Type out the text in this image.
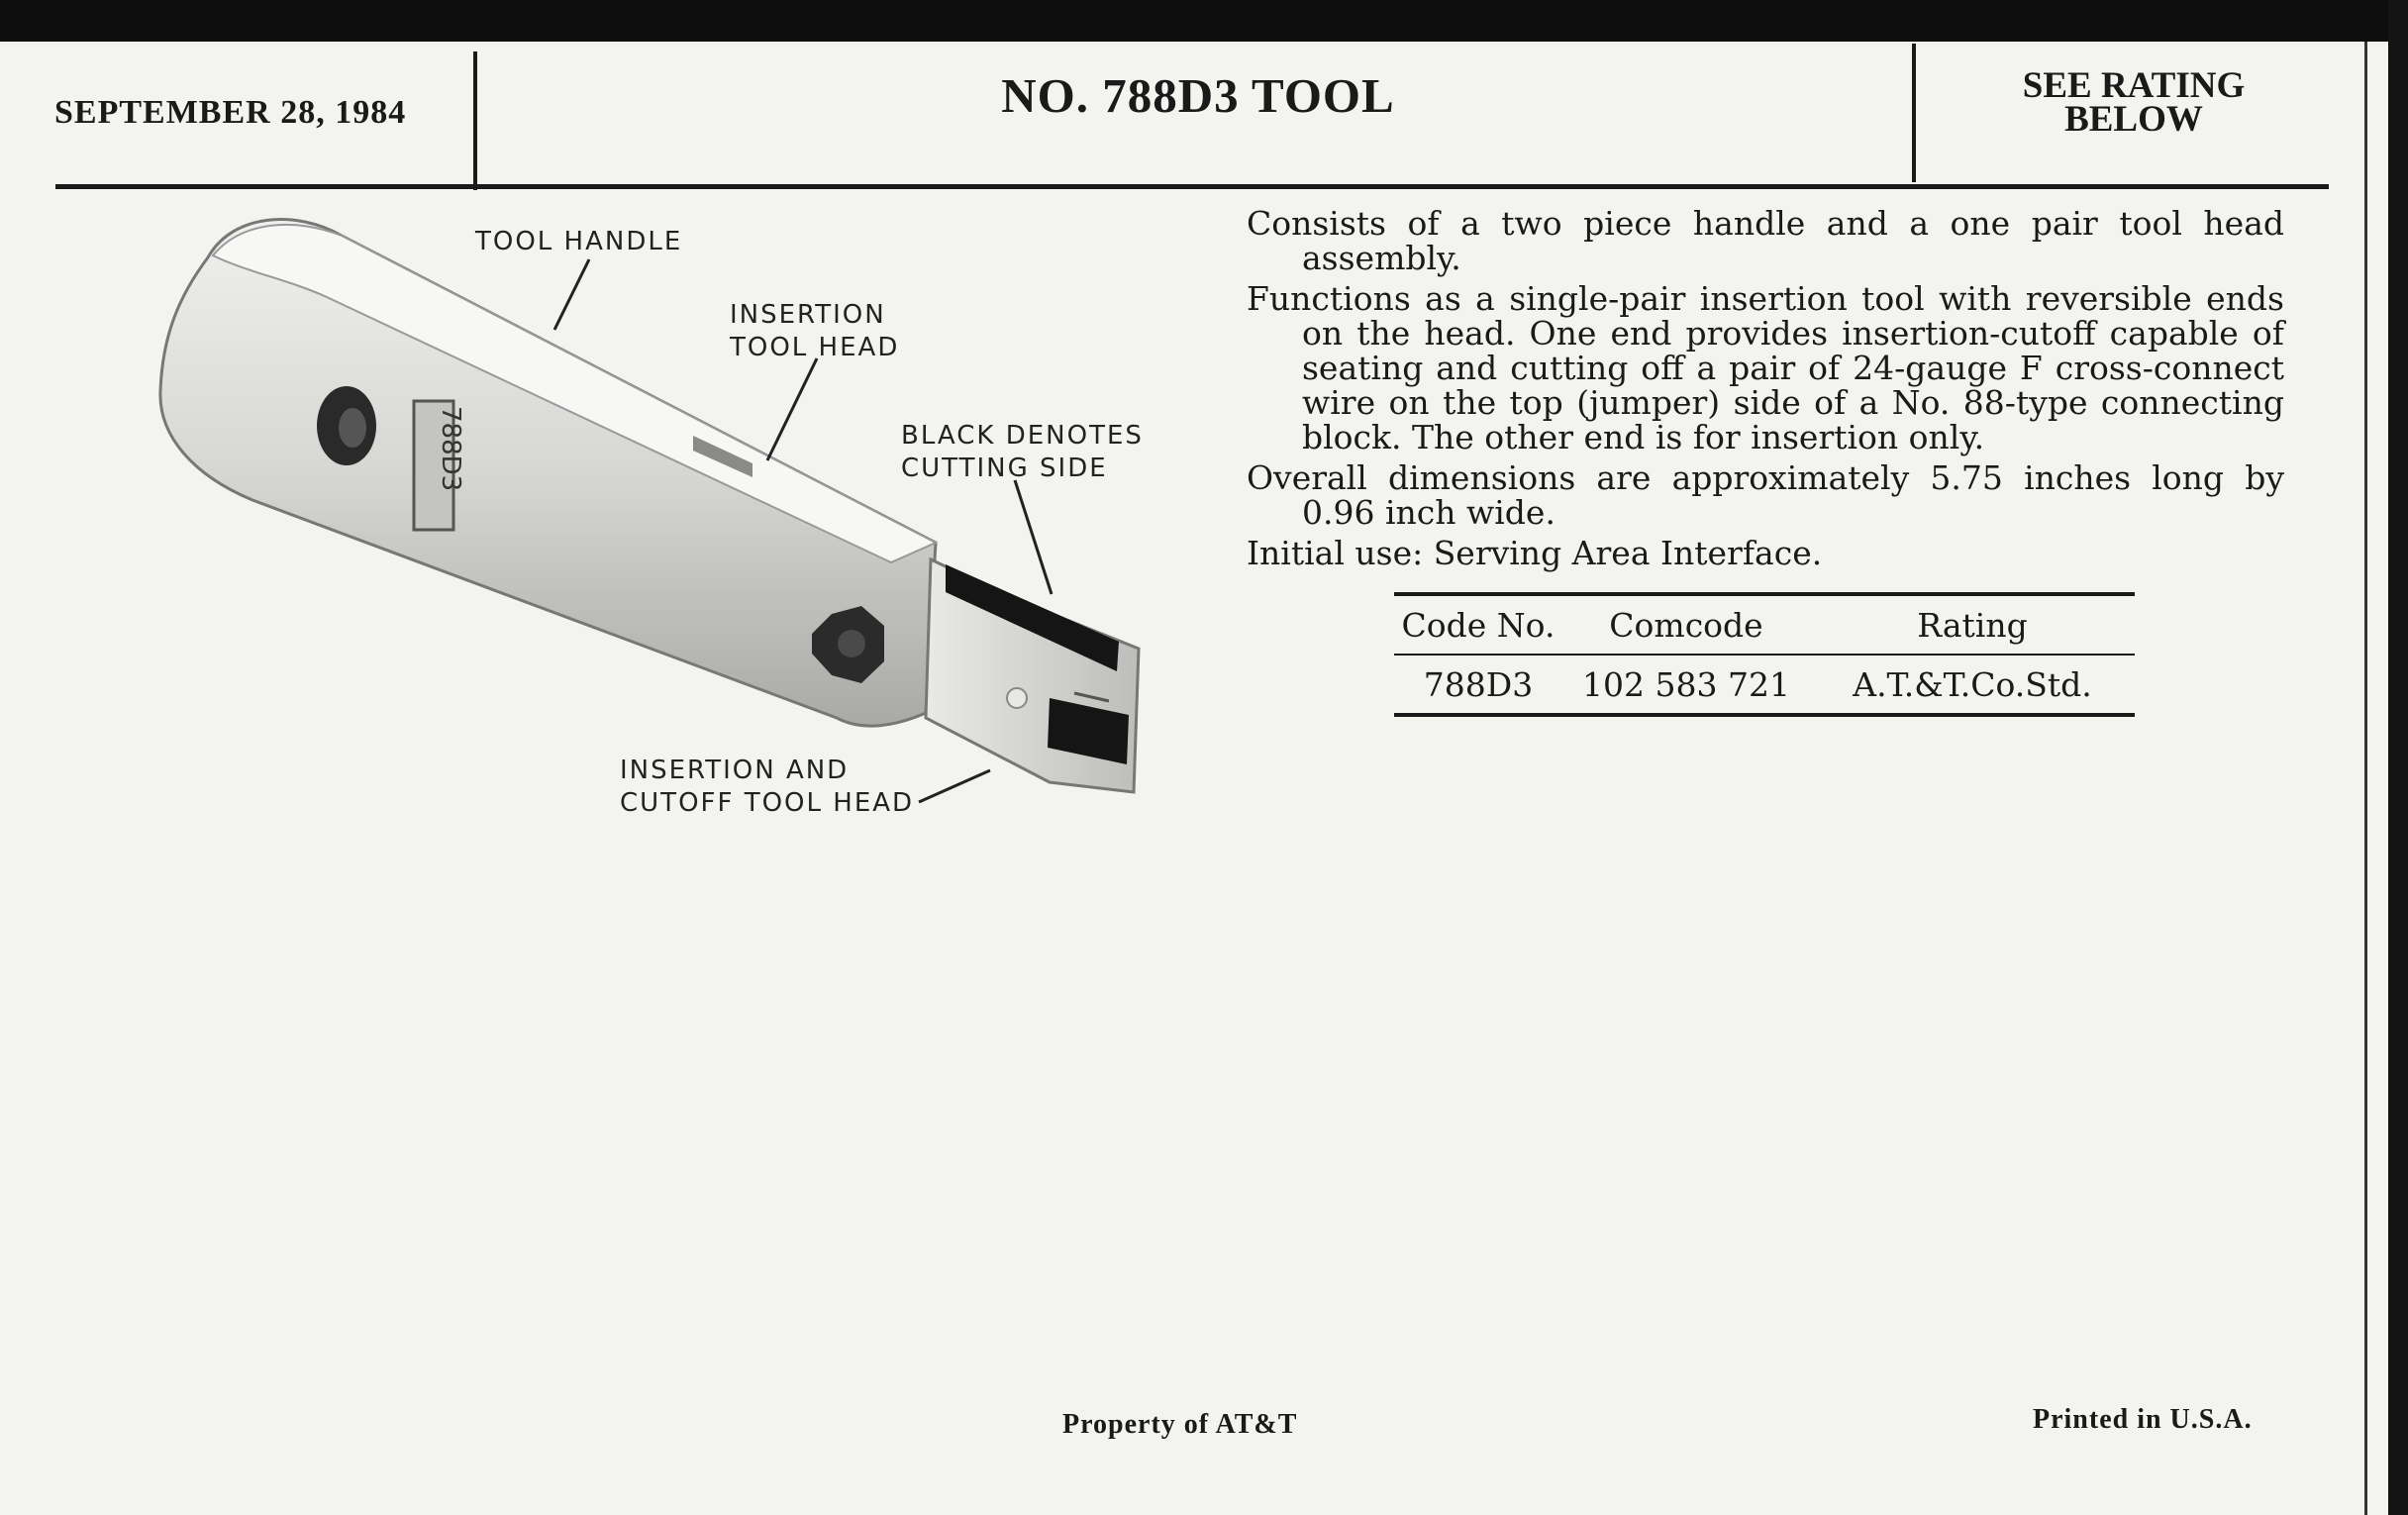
SEPTEMBER 28, 1984	NO. 788D3 TOOL	SEE RATING
BELOW
788D3
TOOL HANDLE
INSERTION
TOOL HEAD
BLACK DENOTES
CUTTING SIDE
INSERTION AND
CUTOFF TOOL HEAD

Consists of a two piece handle and a one pair tool head assembly.

Functions as a single-pair insertion tool with reversible ends on the head. One end provides insertion-cutoff capable of seating and cutting off a pair of 24-gauge F cross-connect wire on the top (jumper) side of a No. 88-type connecting block. The other end is for insertion only.

Overall dimensions are approximately 5.75 inches long by 0.96 inch wide.

Initial use: Serving Area Interface.

Code No.	Comcode	Rating
788D3	102 583 721	A.T.&T.Co.Std.
Property of AT&T	Printed in U.S.A.
